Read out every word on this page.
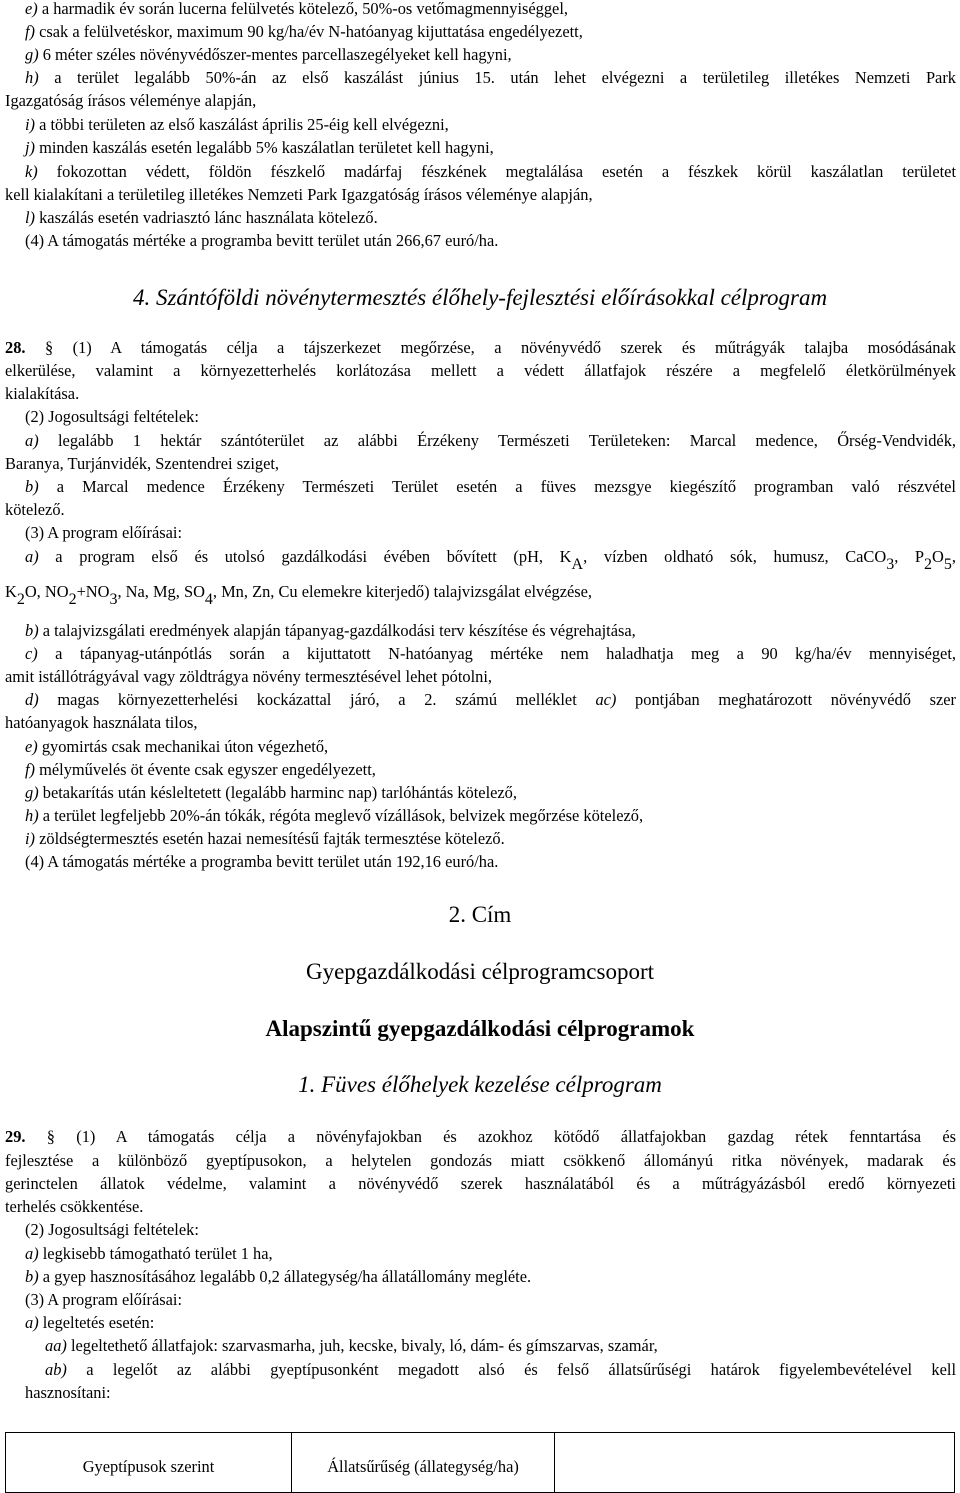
e) a harmadik év során lucerna felülvetés kötelező, 50%-os vetőmagmennyiséggel,
f) csak a felülvetéskor, maximum 90 kg/ha/év N-hatóanyag kijuttatása engedélyezett,
g) 6 méter széles növényvédőszer-mentes parcellaszegélyeket kell hagyni,
h) a terület legalább 50%-án az első kaszálást június 15. után lehet elvégezni a területileg illetékes Nemzeti Park
Igazgatóság írásos véleménye alapján,
i) a többi területen az első kaszálást április 25-éig kell elvégezni,
j) minden kaszálás esetén legalább 5% kaszálatlan területet kell hagyni,
k) fokozottan védett, földön fészkelő madárfaj fészkének megtalálása esetén a fészkek körül kaszálatlan területet
kell kialakítani a területileg illetékes Nemzeti Park Igazgatóság írásos véleménye alapján,
l) kaszálás esetén vadriasztó lánc használata kötelező.
(4) A támogatás mértéke a programba bevitt terület után 266,67 euró/ha.
4. Szántóföldi növénytermesztés élőhely-fejlesztési előírásokkal célprogram
28. § (1) A támogatás célja a tájszerkezet megőrzése, a növényvédő szerek és műtrágyák talajba mosódásának
elkerülése, valamint a környezetterhelés korlátozása mellett a védett állatfajok részére a megfelelő életkörülmények
kialakítása.
(2) Jogosultsági feltételek:
a) legalább 1 hektár szántóterület az alábbi Érzékeny Természeti Területeken: Marcal medence, Őrség-Vendvidék,
Baranya, Turjánvidék, Szentendrei sziget,
b) a Marcal medence Érzékeny Természeti Terület esetén a füves mezsgye kiegészítő programban való részvétel
kötelező.
(3) A program előírásai:
a) a program első és utolsó gazdálkodási évében bővített (pH, $K_A$, vízben oldható sók, humusz, CaCO$_3$, $P_2O_5$,
$K_2O$, $NO_2+NO_3$, Na, Mg, $SO_4$, Mn, Zn, Cu elemekre kiterjedő) talajvizsgálat elvégzése,
b) a talajvizsgálati eredmények alapján tápanyag-gazdálkodási terv készítése és végrehajtása,
c) a tápanyag-utánpótlás során a kijuttatott N-hatóanyag mértéke nem haladhatja meg a 90 kg/ha/év mennyiséget,
amit istállótrágyával vagy zöldtrágya növény termesztésével lehet pótolni,
d) magas környezetterhelési kockázattal járó, a 2. számú melléklet ac) pontjában meghatározott növényvédő szer
hatóanyagok használata tilos,
e) gyomirtás csak mechanikai úton végezhető,
f) mélyművelés öt évente csak egyszer engedélyezett,
g) betakarítás után késleltetett (legalább harminc nap) tarlóhántás kötelező,
h) a terület legfeljebb 20%-án tókák, régóta meglevő vízállások, belvizek megőrzése kötelező,
i) zöldségtermesztés esetén hazai nemesítésű fajták termesztése kötelező.
(4) A támogatás mértéke a programba bevitt terület után 192,16 euró/ha.
2. Cím
Gyepgazdálkodási célprogramcsoport
Alapszintű gyepgazdálkodási célprogramok
1. Füves élőhelyek kezelése célprogram
29. § (1) A támogatás célja a növényfajokban és azokhoz kötődő állatfajokban gazdag rétek fenntartása és
fejlesztése a különböző gyeptípusokon, a helytelen gondozás miatt csökkenő állományú ritka növények, madarak és
gerinctelen állatok védelme, valamint a növényvédő szerek használatából és a műtrágyázásból eredő környezeti
terhelés csökkentése.
(2) Jogosultsági feltételek:
a) legkisebb támogatható terület 1 ha,
b) a gyep hasznosításához legalább 0,2 állategység/ha állatállomány megléte.
(3) A program előírásai:
a) legeltetés esetén:
aa) legeltethető állatfajok: szarvasmarha, juh, kecske, bivaly, ló, dám- és gímszarvas, szamár,
ab) a legelőt az alábbi gyeptípusonként megadott alsó és felső állatsűrűségi határok figyelembevételével kell
hasznosítani:
Gyeptípusok szerint	Állatsűrűség (állategység/ha)	
